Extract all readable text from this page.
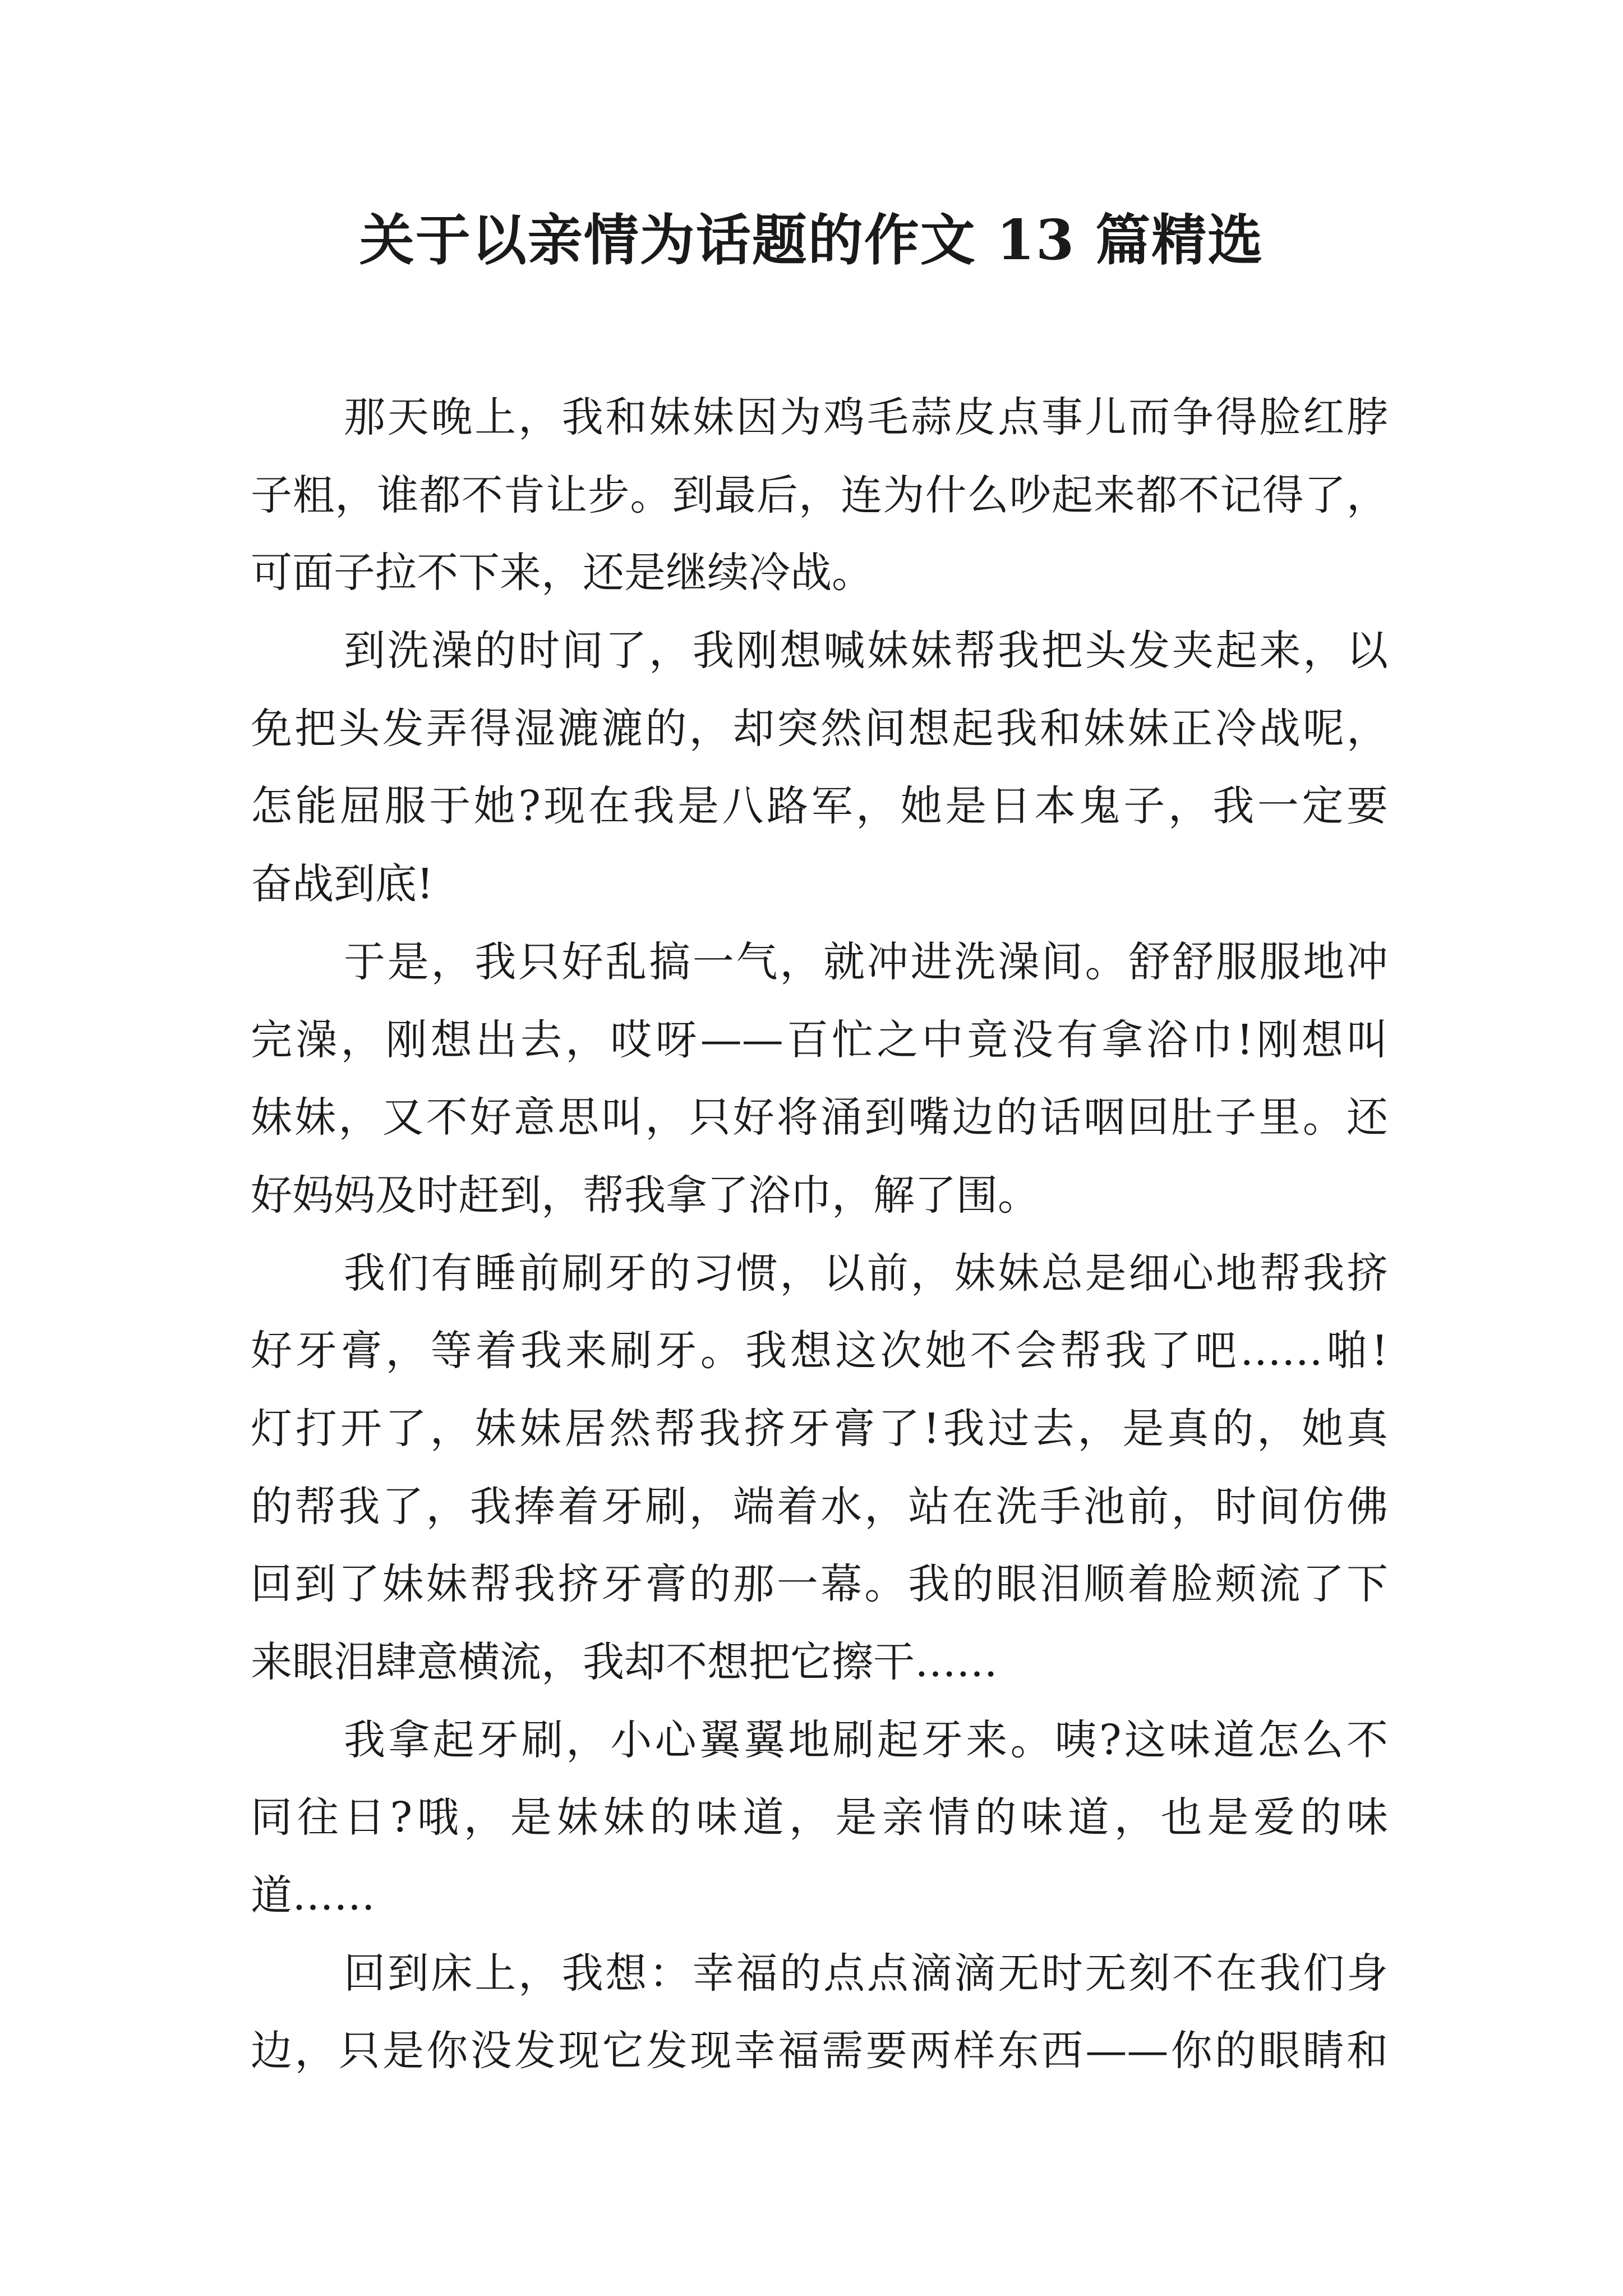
关于以亲情为话题的作文 13 篇精选
那天晚上，我和妹妹因为鸡毛蒜皮点事儿而争得脸红脖
子粗，谁都不肯让步。到最后，连为什么吵起来都不记得了，
可面子拉不下来，还是继续冷战。
到洗澡的时间了，我刚想喊妹妹帮我把头发夹起来，以
免把头发弄得湿漉漉的，却突然间想起我和妹妹正冷战呢，
怎能屈服于她?现在我是八路军，她是日本鬼子，我一定要
奋战到底!
于是，我只好乱搞一气，就冲进洗澡间。舒舒服服地冲
完澡，刚想出去，哎呀——百忙之中竟没有拿浴巾!刚想叫
妹妹，又不好意思叫，只好将涌到嘴边的话咽回肚子里。还
好妈妈及时赶到，帮我拿了浴巾，解了围。
我们有睡前刷牙的习惯，以前，妹妹总是细心地帮我挤
好牙膏，等着我来刷牙。我想这次她不会帮我了吧……啪!
灯打开了，妹妹居然帮我挤牙膏了!我过去，是真的，她真
的帮我了，我捧着牙刷，端着水，站在洗手池前，时间仿佛
回到了妹妹帮我挤牙膏的那一幕。我的眼泪顺着脸颊流了下
来眼泪肆意横流，我却不想把它擦干……
我拿起牙刷，小心翼翼地刷起牙来。咦?这味道怎么不
同往日?哦，是妹妹的味道，是亲情的味道，也是爱的味
道……
回到床上，我想：幸福的点点滴滴无时无刻不在我们身
边，只是你没发现它发现幸福需要两样东西——你的眼睛和
